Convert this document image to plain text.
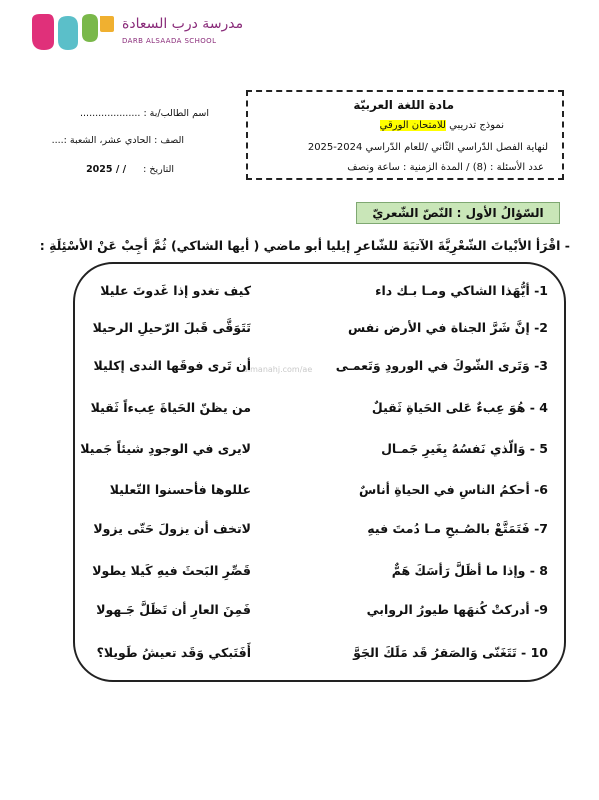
مدرسة درب السعادة
DARB ALSAADA SCHOOL
اسم الطالب/بة : ....................
الصف : الحادي عشر، الشعبة :....
التاريخ : / / 2025
مادة اللغة العربيّة
نموذج تدريبي للامتحان الورقي
لنهاية الفصل الدّراسي الثّاني /للعام الدّراسي 2024-2025
عدد الأسئلة : (8) / المدة الزمنية : ساعة ونصف
السّؤالُ الأول : النّصّ الشّعريّ
- اقْرَأ الأبْياتَ الشّعْرِيَّةَ الآتيَةَ للشّاعرِ إيليا أبو ماضي ( أيها الشاكي) ثُمَّ أجِبْ عَنْ الأسْئِلَةِ :
almanahj.com/ae
1- أيُّهَذا الشاكي ومـا بـك داء
كيف تغدو إذا غَدوتَ عليلا
2- إنَّ شَرَّ الجناة في الأرض نفس
تَتَوَقَّى قَبلَ الرّحيلِ الرحيلا
3- وَتَرى الشّوكَ في الورودِ وَتَعمـى
أن تَرى فوقَها الندى إكليلا
4 - هُوَ عِبءٌ عَلى الحَياةِ ثَقيلٌ
من يظنّ الحَياةَ عِبءاً ثَقيلا
5 - وَالّذي نَفسُهُ بِغَيرِ جَمـال
لايرى في الوجودِ شيئاً جَميلا
6- أحكمُ الناسِ في الحياةِ أناسٌ
عللوها فأحسنوا التّعليلا
7- فَتَمَتَّعْ بالصُـبحِ مـا دُمتَ فيهِ
لاتخف أن يزولَ حَتّى يزولا
8 - وإذا ما أظَلَّ رَأسَكَ هَمٌّ
قَصِّرِ البَحثَ فيهِ كَيلا يطولا
9- أدركتْ كُنهَها طيورُ الروابي
فَمِنَ العارِ أن تَظَلَّ جَـهولا
10 - تَتَغَنّى وَالصَقرُ قَد مَلَكَ الجَوَّ
أَفَتَبكي وَقَد تعيشُ طَويلا؟
